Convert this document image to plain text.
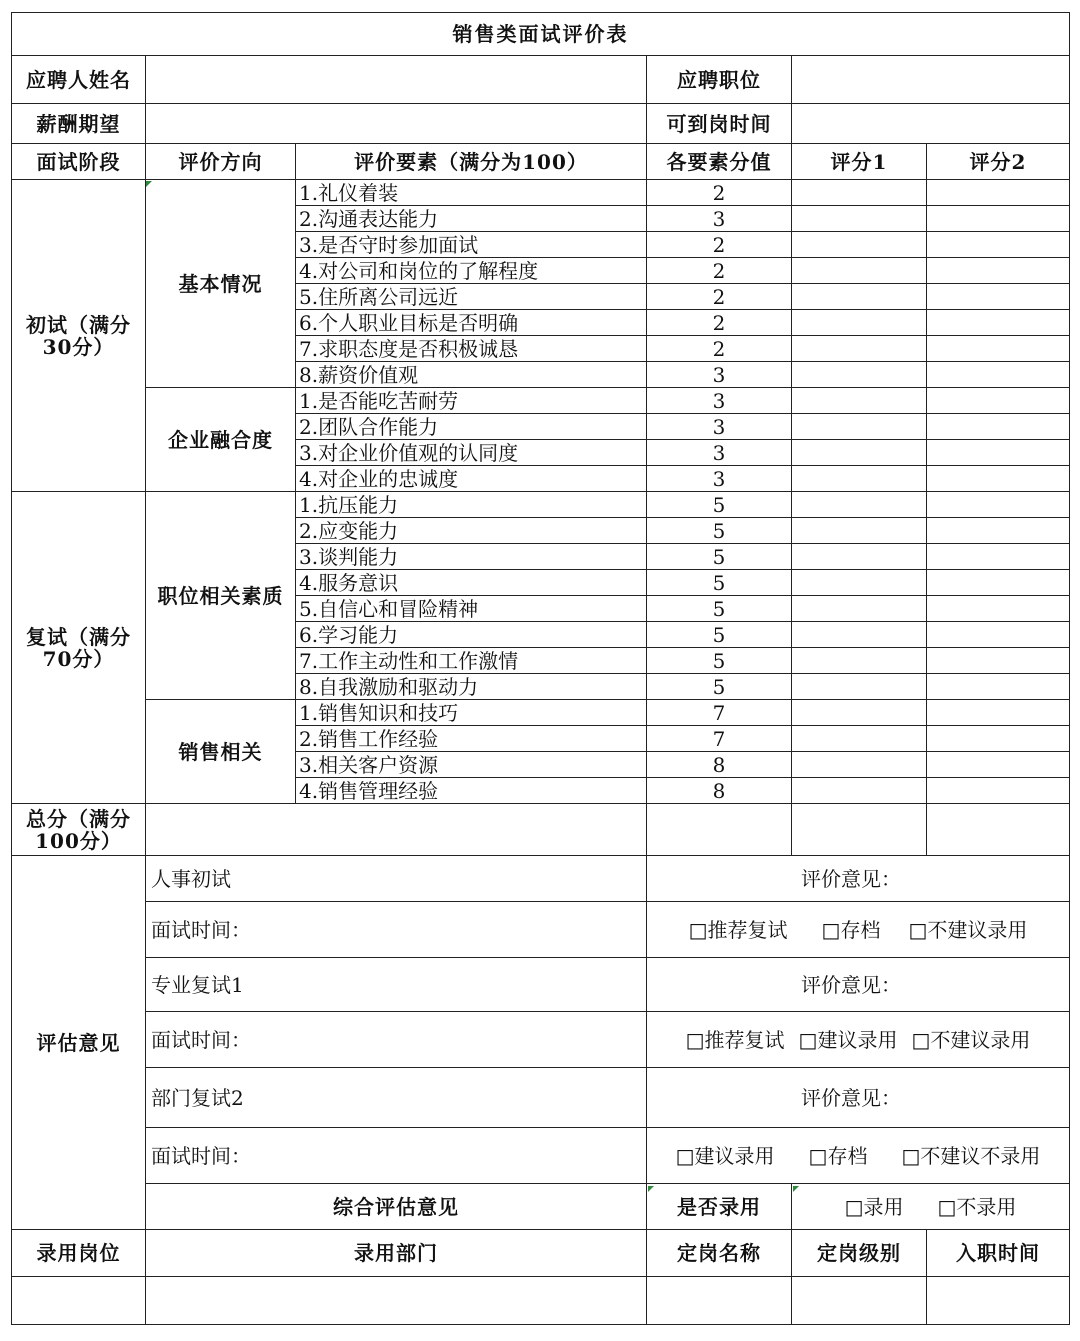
销售类面试评价表					
应聘人姓名			应聘职位		
薪酬期望			可到岗时间		
面试阶段	评价方向	评价要素（满分为100）	各要素分值	评分1	评分2
初试（满分30分）	基本情况	1.礼仪着装	2		
		2.沟通表达能力	3		
		3.是否守时参加面试	2		
		4.对公司和岗位的了解程度	2		
		5.住所离公司远近	2		
		6.个人职业目标是否明确	2		
		7.求职态度是否积极诚恳	2		
		8.薪资价值观	3		
	企业融合度	1.是否能吃苦耐劳	3		
		2.团队合作能力	3		
		3.对企业价值观的认同度	3		
		4.对企业的忠诚度	3		
复试（满分70分）	职位相关素质	1.抗压能力	5		
		2.应变能力	5		
		3.谈判能力	5		
		4.服务意识	5		
		5.自信心和冒险精神	5		
		6.学习能力	5		
		7.工作主动性和工作激情	5		
		8.自我激励和驱动力	5		
	销售相关	1.销售知识和技巧	7		
		2.销售工作经验	7		
		3.相关客户资源	8		
		4.销售管理经验	8		
总分（满分100分）					
评估意见	人事初试		评价意见：		
	面试时间：		□推荐复试 □存档 □不建议录用		
	专业复试1		评价意见：		
	面试时间：		□推荐复试 □建议录用 □不建议录用		
	部门复试2		评价意见：		
	面试时间：		□建议录用 □存档 □不建议不录用		
	综合评估意见		是否录用	□录用 □不录用	
录用岗位	录用部门		定岗名称	定岗级别	入职时间
